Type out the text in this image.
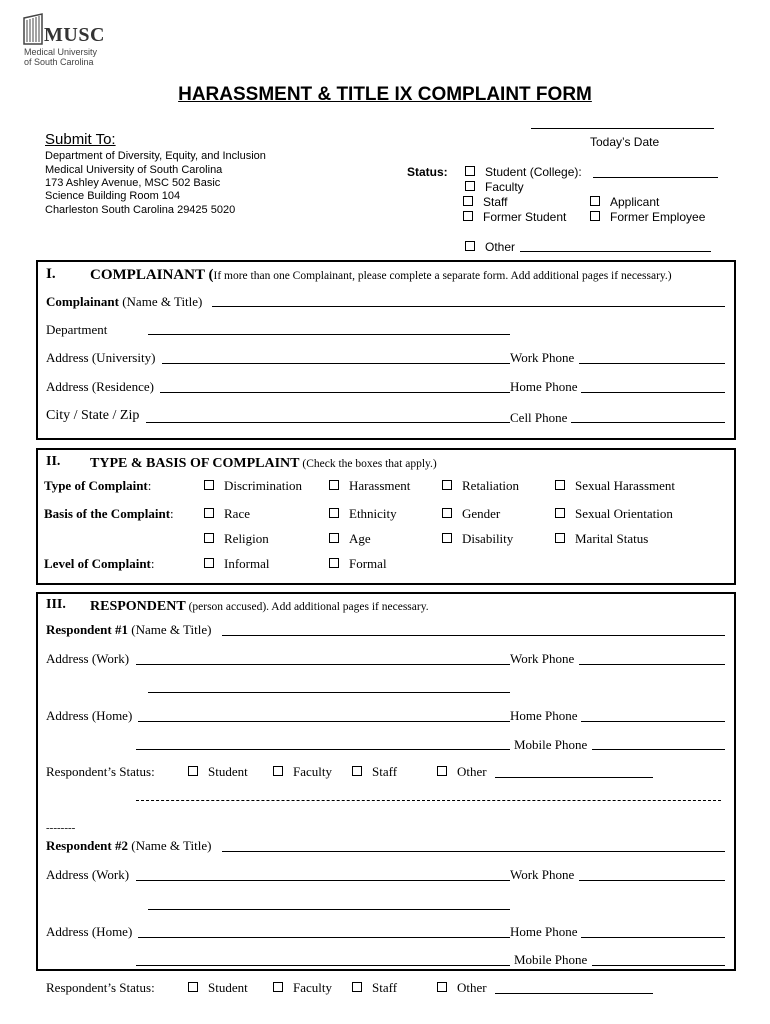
MUSC
Medical University
of South Carolina
HARASSMENT & TITLE IX COMPLAINT FORM
Submit To:
Department of Diversity, Equity, and Inclusion
Medical University of South Carolina
173 Ashley Avenue, MSC 502 Basic
Science Building Room 104
Charleston South Carolina 29425 5020
Today’s Date
Status:	Student (College):
Faculty
Staff	Applicant
Former Student	Former Employee
Other
I. COMPLAINANT (If more than one Complainant, please complete a separate form. Add additional pages if necessary.)
Complainant (Name & Title)
Department
Address (University)	Work Phone
Address (Residence)	Home Phone
City / State / Zip	Cell Phone
II. TYPE & BASIS OF COMPLAINT (Check the boxes that apply.)
Type of Complaint:	Discrimination	Harassment	Retaliation	Sexual Harassment
Basis of the Complaint:	Race	Ethnicity	Gender	Sexual Orientation
Religion	Age	Disability	Marital Status
Level of Complaint:	Informal	Formal
III. RESPONDENT (person accused). Add additional pages if necessary.
Respondent #1 (Name & Title)
Address (Work)	Work Phone
Address (Home)	Home Phone
Mobile Phone
Respondent’s Status:	Student	Faculty	Staff	Other
--------
Respondent #2 (Name & Title)
Address (Work)	Work Phone
Address (Home)	Home Phone
Mobile Phone
Respondent’s Status:	Student	Faculty	Staff	Other
